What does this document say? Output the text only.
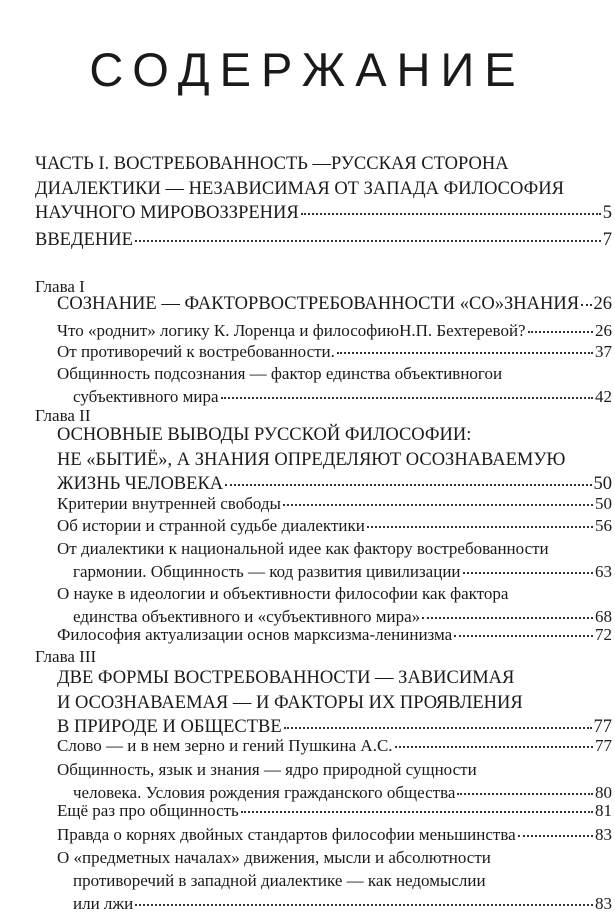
СОДЕРЖАНИЕ
ЧАСТЬ I. ВОСТРЕБОВАННОСТЬ —РУССКАЯ СТОРОНА
ДИАЛЕКТИКИ — НЕЗАВИСИМАЯ ОТ ЗАПАДА ФИЛОСОФИЯ
НАУЧНОГО МИРОВОЗЗРЕНИЯ	5
ВВЕДЕНИЕ	7
Глава I
СОЗНАНИЕ — ФАКТОРВОСТРЕБОВАННОСТИ «СО»ЗНАНИЯ 26
Что «роднит» логику К. Лоренца и философиюН.П. Бехтеревой?	26
От противоречий к востребованности.	37
Общинность подсознания — фактор единства объективногои
субъективного мира	42
Глава II
ОСНОВНЫЕ ВЫВОДЫ РУССКОЙ ФИЛОСОФИИ:
НЕ «БЫТИЁ», А ЗНАНИЯ ОПРЕДЕЛЯЮТ ОСОЗНАВАЕМУЮ
ЖИЗНЬ ЧЕЛОВЕКА	50
Критерии внутренней свободы	50
Об истории и странной судьбе диалектики	56
От диалектики к национальной идее как фактору востребованности
гармонии. Общинность — код развития цивилизации	63
О науке в идеологии и объективности философии как фактора
единства объективного и «субъективного мира»	68
Философия актуализации основ марксизма-ленинизма	72
Глава III
ДВЕ ФОРМЫ ВОСТРЕБОВАННОСТИ — ЗАВИСИМАЯ
И ОСОЗНАВАЕМАЯ — И ФАКТОРЫ ИХ ПРОЯВЛЕНИЯ
В ПРИРОДЕ И ОБЩЕСТВЕ	77
Слово — и в нем зерно и гений Пушкина А.С.	77
Общинность, язык и знания — ядро природной сущности
человека. Условия рождения гражданского общества	80
Ещё раз про общинность	81
Правда о корнях двойных стандартов философии меньшинства	83
О «предметных началах» движения, мысли и абсолютности
противоречий в западной диалектике — как недомыслии
или лжи	83
